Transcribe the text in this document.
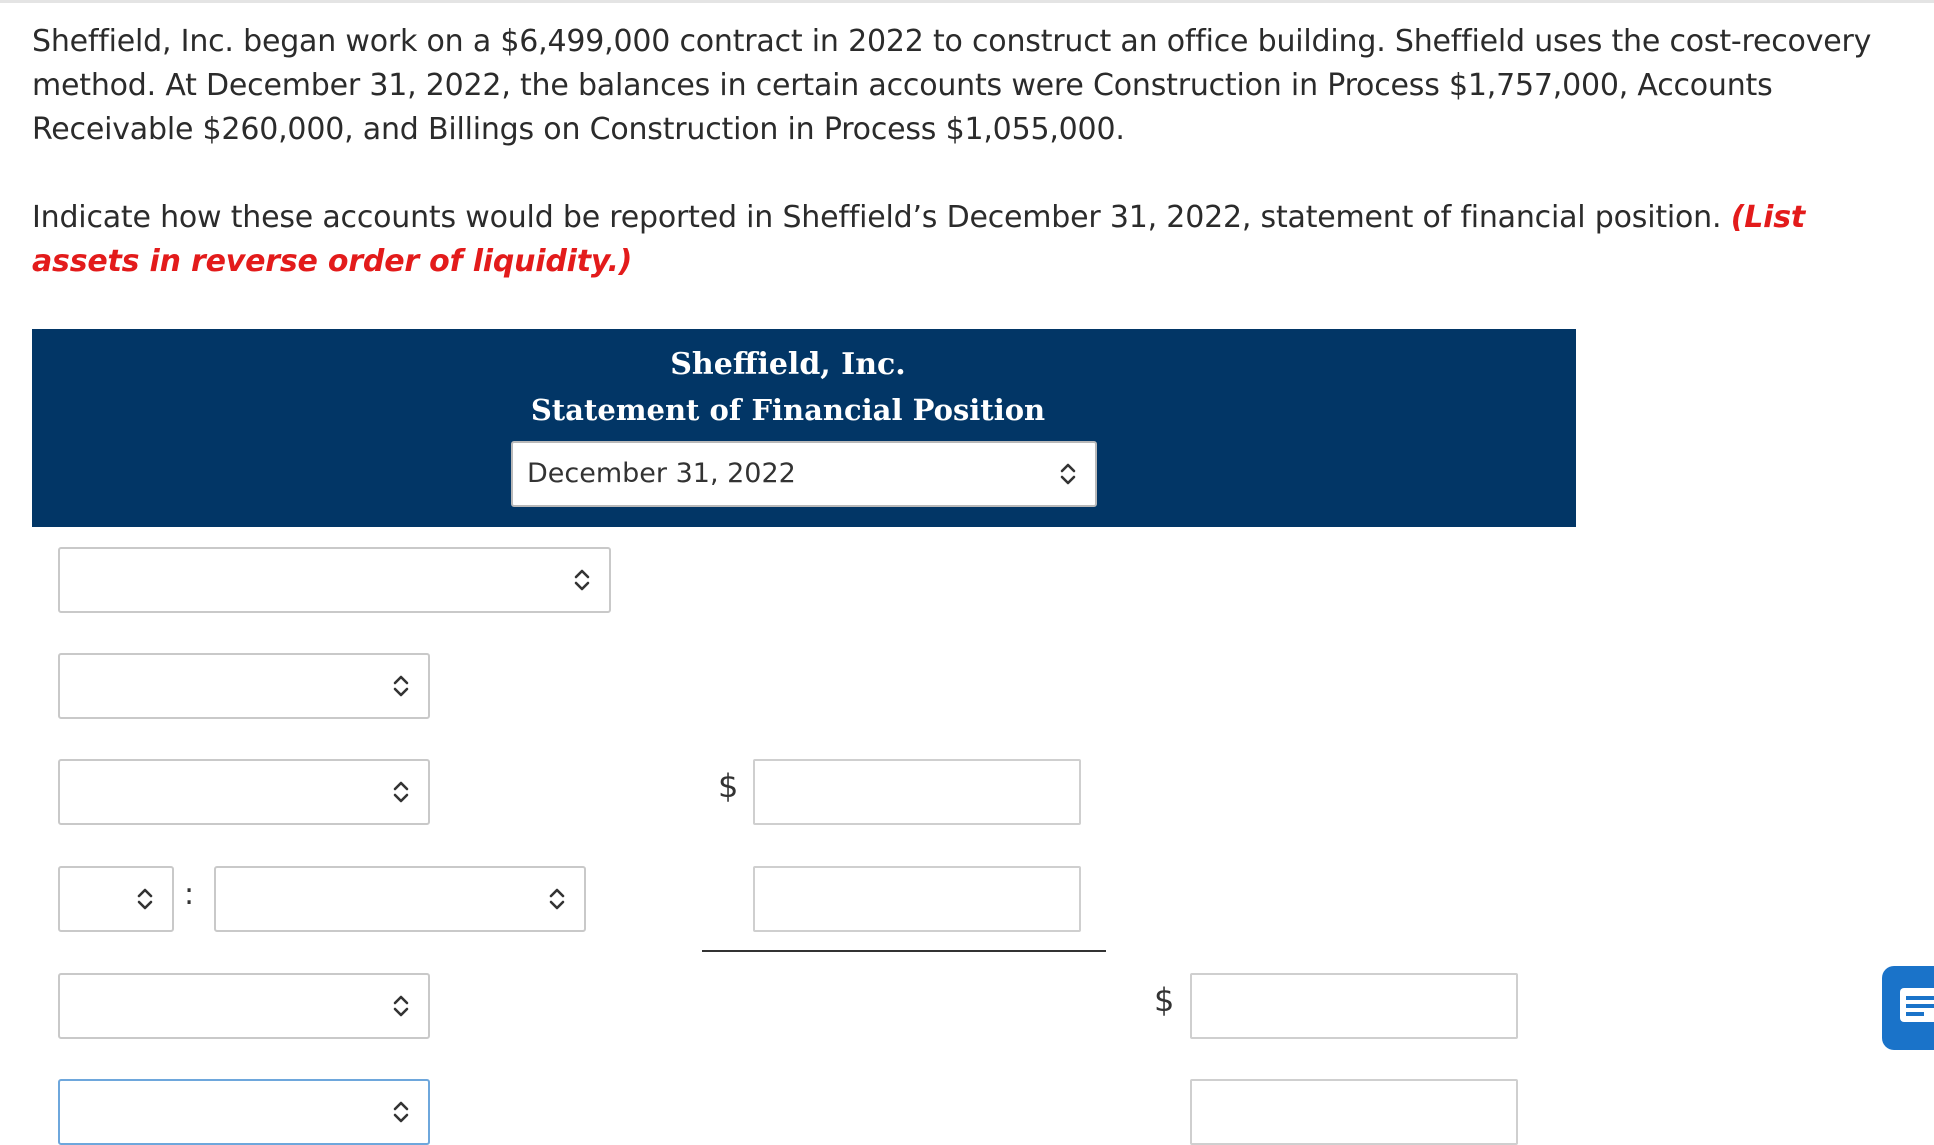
Sheffield, Inc. began work on a $6,499,000 contract in 2022 to construct an office building. Sheffield uses the cost-recovery method. At December 31, 2022, the balances in certain accounts were Construction in Process $1,757,000, Accounts Receivable $260,000, and Billings on Construction in Process $1,055,000.

Indicate how these accounts would be reported in Sheffield’s December 31, 2022, statement of financial position. (List assets in reverse order of liquidity.)

Sheffield, Inc.
Statement of Financial Position
December 31, 2022
$
:
$
